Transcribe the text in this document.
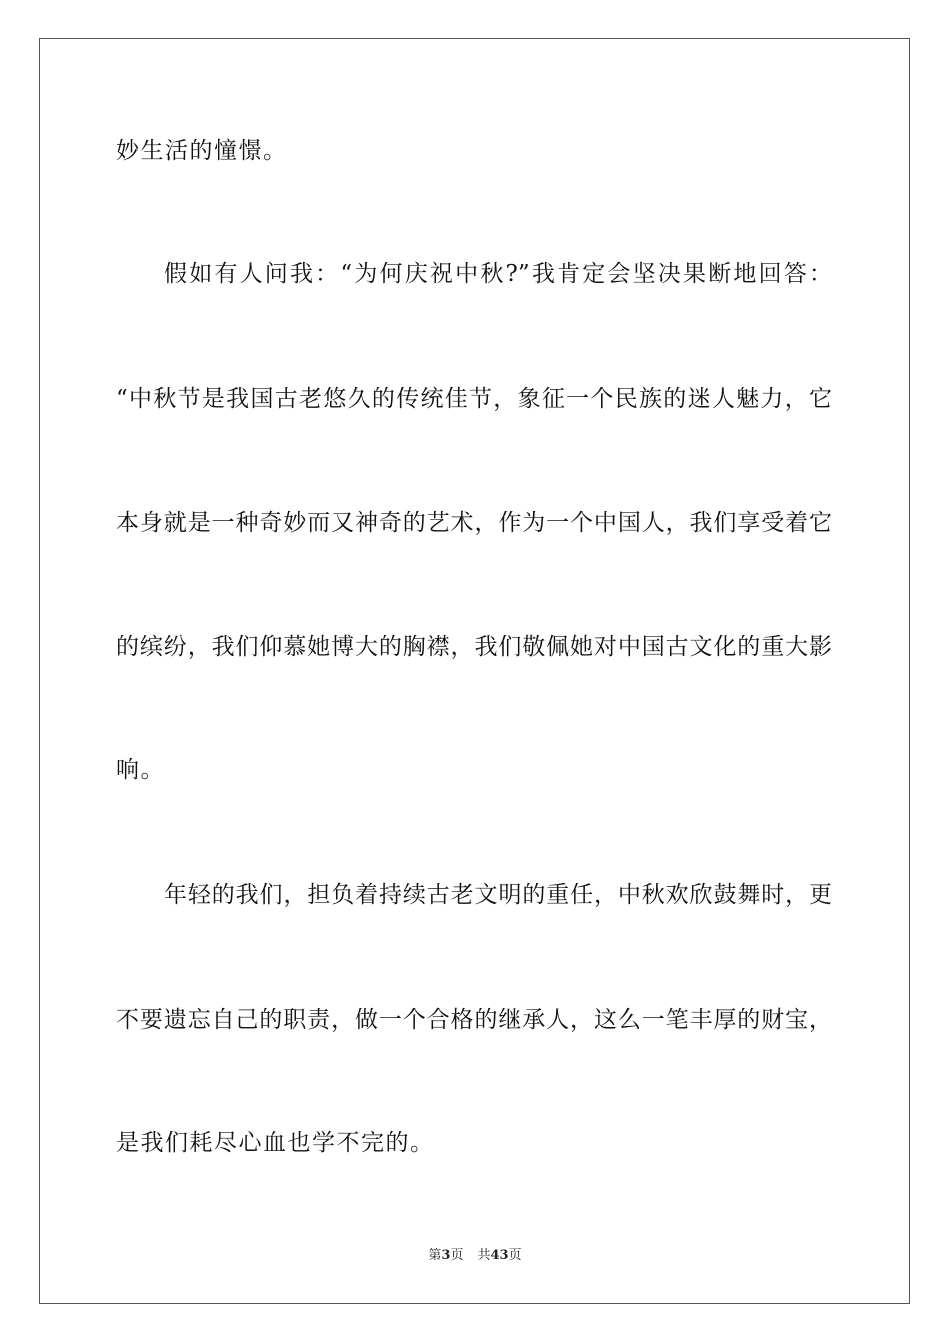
妙生活的憧憬。
假如有人问我：“为何庆祝中秋?”我肯定会坚决果断地回答：
“中秋节是我国古老悠久的传统佳节，象征一个民族的迷人魅力，它
本身就是一种奇妙而又神奇的艺术，作为一个中国人，我们享受着它
的缤纷，我们仰慕她博大的胸襟，我们敬佩她对中国古文化的重大影
响。
年轻的我们，担负着持续古老文明的重任，中秋欢欣鼓舞时，更
不要遗忘自己的职责，做一个合格的继承人，这么一笔丰厚的财宝，
是我们耗尽心血也学不完的。
第3页 共43页
